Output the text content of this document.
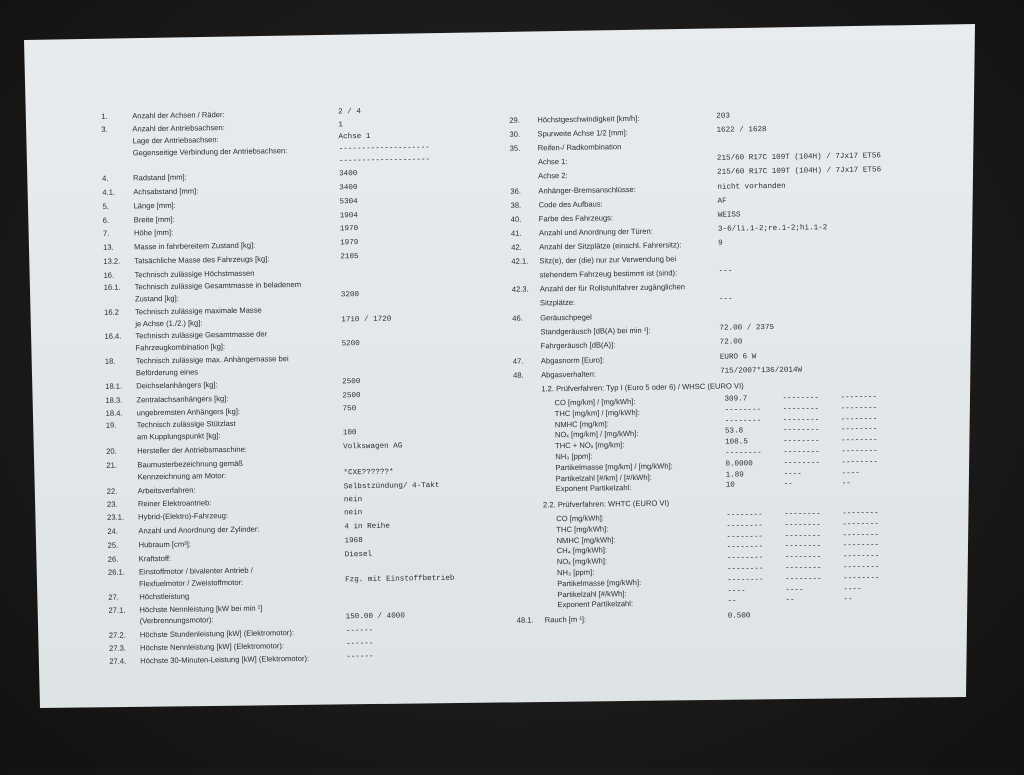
1.	Anzahl der Achsen / Räder:	2 / 4
3.	Anzahl der Antriebsachsen:	1
Lage der Antriebsachsen:	Achse 1
Gegenseitige Verbindung der Antriebsachsen:	--------------------
--------------------
4.	Radstand [mm]:	3400
4.1. Achsabstand [mm]:	3400
5.	Länge [mm]:	5304
6.	Breite [mm]:	1904
7.	Höhe [mm]:	1970
13.	Masse in fahrbereitem Zustand [kg]:	1979
13.2. Tatsächliche Masse des Fahrzeugs [kg]:	2105
16.	Technisch zulässige Höchstmassen
16.1. Technisch zulässige Gesamtmasse in beladenem
Zustand [kg]:	3200
16.2 Technisch zulässige maximale Masse
je Achse (1./2.) [kg]:	1710 / 1720
16.4. Technisch zulässige Gesamtmasse der
Fahrzeugkombination [kg]:	5200
18.	Technisch zulässige max. Anhängemasse bei
Beförderung eines
18.1. Deichselanhängers [kg]:	2500
18.3. Zentralachsanhängers [kg]:	2500
18.4. ungebremsten Anhängers [kg]:	750
19.	Technisch zulässige Stützlast
am Kupplungspunkt [kg]:	100
20.	Hersteller der Antriebsmaschine:	Volkswagen AG
21.	Baumusterbezeichnung gemäß
Kennzeichnung am Motor:	*CXE??????*
22.	Arbeitsverfahren:	Selbstzündung/ 4-Takt
23.	Reiner Elektroantrieb:	nein
23.1. Hybrid-(Elektro)-Fahrzeug:	nein
24.	Anzahl und Anordnung der Zylinder:	4 in Reihe
25.	Hubraum [cm³]:	1968
26.	Kraftstoff:	Diesel
26.1. Einstoffmotor / bivalenter Antrieb /
Flexfuelmotor / Zweistoffmotor:	Fzg. mit Einstoffbetrieb
27.	Höchstleistung
27.1. Höchste Nennleistung [kW bei min ¹]
(Verbrennungsmotor):	150.00 / 4000
27.2. Höchste Stundenleistung [kW] (Elektromotor):	------
27.3. Höchste Nennleistung [kW] (Elektromotor):	------
27.4. Höchste 30-Minuten-Leistung [kW] (Elektromotor):	------
29. Höchstgeschwindigkeit [km/h]:	203
30. Spurweite Achse 1/2 [mm]:	1622 / 1628
35. Reifen-/ Radkombination
Achse 1:	215/60 R17C 109T (104H) / 7Jx17 ET56
Achse 2:	215/60 R17C 109T (104H) / 7Jx17 ET56
36. Anhänger-Bremsanschlüsse:	nicht vorhanden
38. Code des Aufbaus:	AF
40. Farbe des Fahrzeugs:	WEISS
41. Anzahl und Anordnung der Türen:	3-6/li.1-2;re.1-2;hi.1-2
42. Anzahl der Sitzplätze (einschl. Fahrersitz):	9
42.1. Sitz(e), der (die) nur zur Verwendung bei
stehendem Fahrzeug bestimmt ist (sind):	---
42.3. Anzahl der für Rollstuhlfahrer zugänglichen
Sitzplätze:	---
46. Geräuschpegel
Standgeräusch [dB(A) bei min ¹]:	72.00 / 2375
Fahrgeräusch [dB(A)]:	72.00
47. Abgasnorm [Euro]:	EURO 6 W
48. Abgasverhalten:	715/2007*136/2014W
1.2. Prüfverfahren: Typ I (Euro 5 oder 6) / WHSC (EURO VI)
CO [mg/km] / [mg/kWh]:	309.7	--------	--------
THC [mg/km] / [mg/kWh]:	--------	--------	--------
NMHC [mg/km]:	--------	--------	--------
NOₓ [mg/km] / [mg/kWh]:	53.8	--------	--------
THC + NOₓ [mg/km]:	108.5	--------	--------
NH₃ [ppm]:	--------	--------	--------
Partikelmasse [mg/km] / [mg/kWh]:	0.0000	--------	--------
Partikelzahl [#/km] / [#/kWh]:	1.89	----	----
Exponent Partikelzahl:	10	--	--
2.2. Prüfverfahren: WHTC (EURO VI)
CO [mg/kWh]:	--------	--------	--------
THC [mg/kWh]:	--------	--------	--------
NMHC [mg/kWh]:	--------	--------	--------
CH₄ [mg/kWh]:	--------	--------	--------
NOₓ [mg/kWh]:	--------	--------	--------
NH₃ [ppm]:	--------	--------	--------
Partikelmasse [mg/kWh]:	--------	--------	--------
Partikelzahl [#/kWh]:	----	----	----
Exponent Partikelzahl:	--	--	--
48.1. Rauch [m ¹]:	0.500
